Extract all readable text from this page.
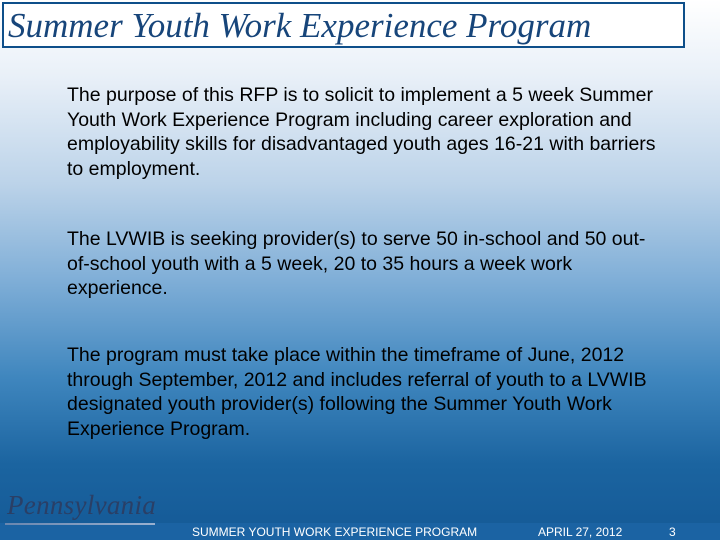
Summer Youth Work Experience Program

The purpose of this RFP is to solicit to implement a 5 week Summer Youth Work Experience Program including career exploration and employability skills for disadvantaged youth ages 16-21 with barriers to employment.

The LVWIB is seeking provider(s) to serve 50 in-school and 50 out-of-school youth with a 5 week, 20 to 35 hours a week work experience.

The program must take place within the timeframe of June, 2012 through September, 2012 and includes referral of youth to a LVWIB designated youth provider(s) following the Summer Youth Work Experience Program.

Pennsylvania
SUMMER YOUTH WORK EXPERIENCE PROGRAM	APRIL 27, 2012	3
